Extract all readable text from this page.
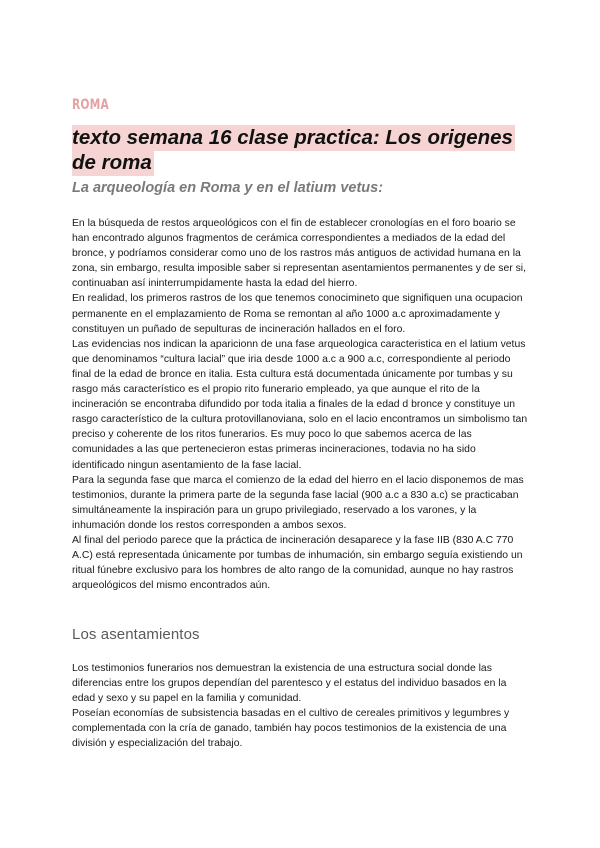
ROMA
texto semana 16 clase practica: Los origenes de roma
La arqueología en Roma y en el latium vetus:

En la búsqueda de restos arqueológicos con el fin de establecer cronologías en el foro boario se han encontrado algunos fragmentos de cerámica correspondientes a mediados de la edad del bronce, y podríamos considerar como uno de los rastros más antiguos de actividad humana en la zona, sin embargo, resulta imposible saber si representan asentamientos permanentes y de ser si, continuaban así ininterrumpidamente hasta la edad del hierro.

En realidad, los primeros rastros de los que tenemos conocimineto que signifiquen una ocupacion permanente en el emplazamiento de Roma se remontan al año 1000 a.c aproximadamente y constituyen un puñado de sepulturas de incineración hallados en el foro.

Las evidencias nos indican la aparicionn de una fase arqueologica caracteristica en el latium vetus que denominamos “cultura lacial” que iria desde 1000 a.c a 900 a.c, correspondiente al periodo final de la edad de bronce en italia. Esta cultura está documentada únicamente por tumbas y su rasgo más característico es el propio rito funerario empleado, ya que aunque el rito de la incineración se encontraba difundido por toda italia a finales de la edad d bronce y constituye un rasgo característico de la cultura protovillanoviana, solo en el lacio encontramos un simbolismo tan preciso y coherente de los ritos funerarios. Es muy poco lo que sabemos acerca de las comunidades a las que pertenecieron estas primeras incineraciones, todavia no ha sido identificado ningun asentamiento de la fase lacial.

Para la segunda fase que marca el comienzo de la edad del hierro en el lacio disponemos de mas testimonios, durante la primera parte de la segunda fase lacial (900 a.c a 830 a.c) se practicaban simultáneamente la inspiración para un grupo privilegiado, reservado a los varones, y la inhumación donde los restos corresponden a ambos sexos.

Al final del periodo parece que la práctica de incineración desaparece y la fase IIB (830 A.C 770 A.C) está representada únicamente por tumbas de inhumación, sin embargo seguía existiendo un ritual fúnebre exclusivo para los hombres de alto rango de la comunidad, aunque no hay rastros arqueológicos del mismo encontrados aún.

Los asentamientos

Los testimonios funerarios nos demuestran la existencia de una estructura social donde las diferencias entre los grupos dependían del parentesco y el estatus del individuo basados en la edad y sexo y su papel en la familia y comunidad.

Poseían economías de subsistencia basadas en el cultivo de cereales primitivos y legumbres y complementada con la cría de ganado, también hay pocos testimonios de la existencia de una división y especialización del trabajo.
